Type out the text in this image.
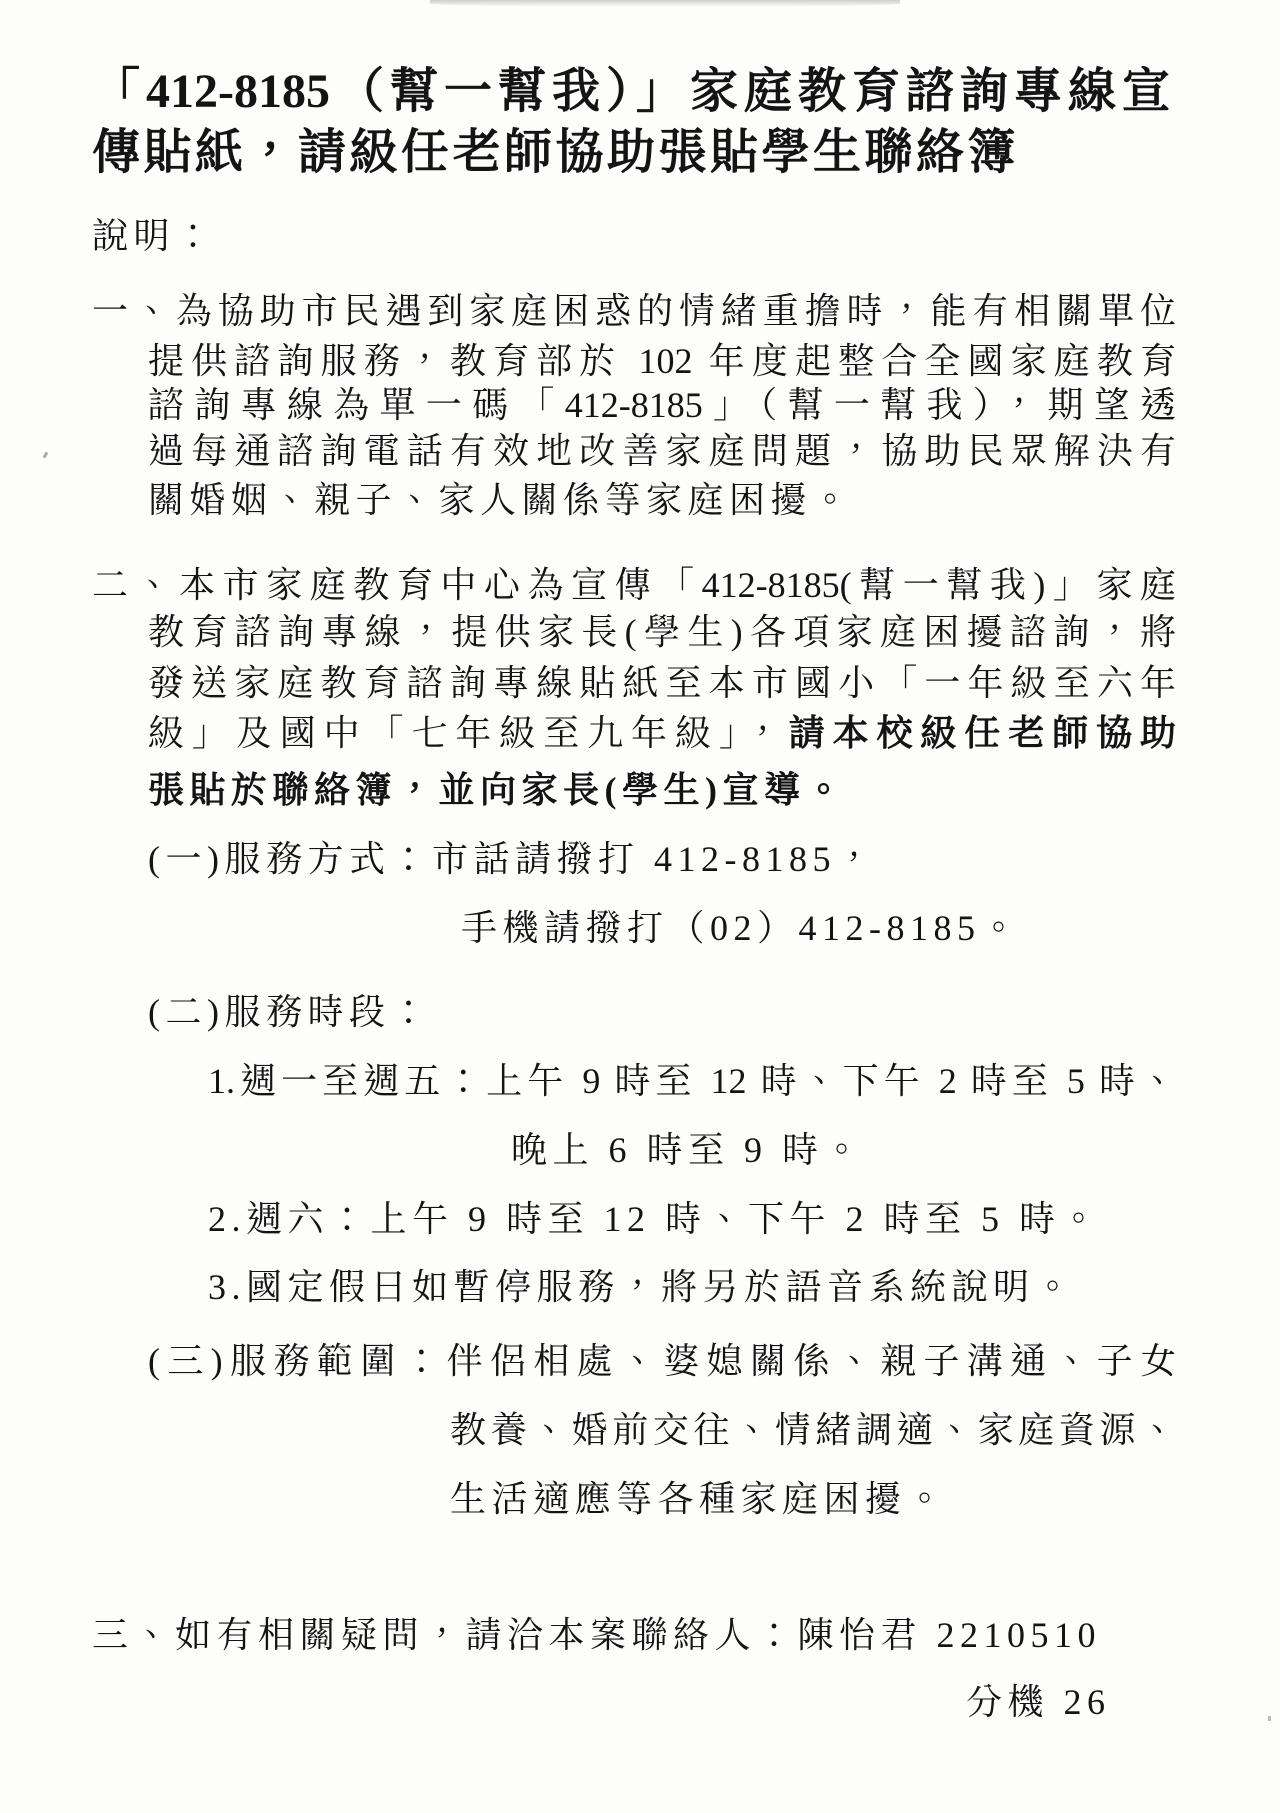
「412-8185（幫一幫我）」家庭教育諮詢專線宣
傳貼紙，請級任老師協助張貼學生聯絡簿
說明：
一、為協助市民遇到家庭困惑的情緒重擔時，能有相關單位
提供諮詢服務，教育部於 102 年度起整合全國家庭教育
諮詢專線為單一碼「412-8185」（幫一幫我），期望透
過每通諮詢電話有效地改善家庭問題，協助民眾解決有
關婚姻、親子、家人關係等家庭困擾。
二、本市家庭教育中心為宣傳「412-8185(幫一幫我)」家庭
教育諮詢專線，提供家長(學生)各項家庭困擾諮詢，將
發送家庭教育諮詢專線貼紙至本市國小「一年級至六年
級」及國中「七年級至九年級」，請本校級任老師協助
張貼於聯絡簿，並向家長(學生)宣導。
(一)服務方式：市話請撥打 412-8185，
手機請撥打（02）412-8185。
(二)服務時段：
1.週一至週五：上午 9 時至 12 時、下午 2 時至 5 時、
晚上 6 時至 9 時。
2.週六：上午 9 時至 12 時、下午 2 時至 5 時。
3.國定假日如暫停服務，將另於語音系統說明。
(三)服務範圍：伴侶相處、婆媳關係、親子溝通、子女
教養、婚前交往、情緒調適、家庭資源、
生活適應等各種家庭困擾。
三、如有相關疑問，請洽本案聯絡人：陳怡君 2210510
分機 26
